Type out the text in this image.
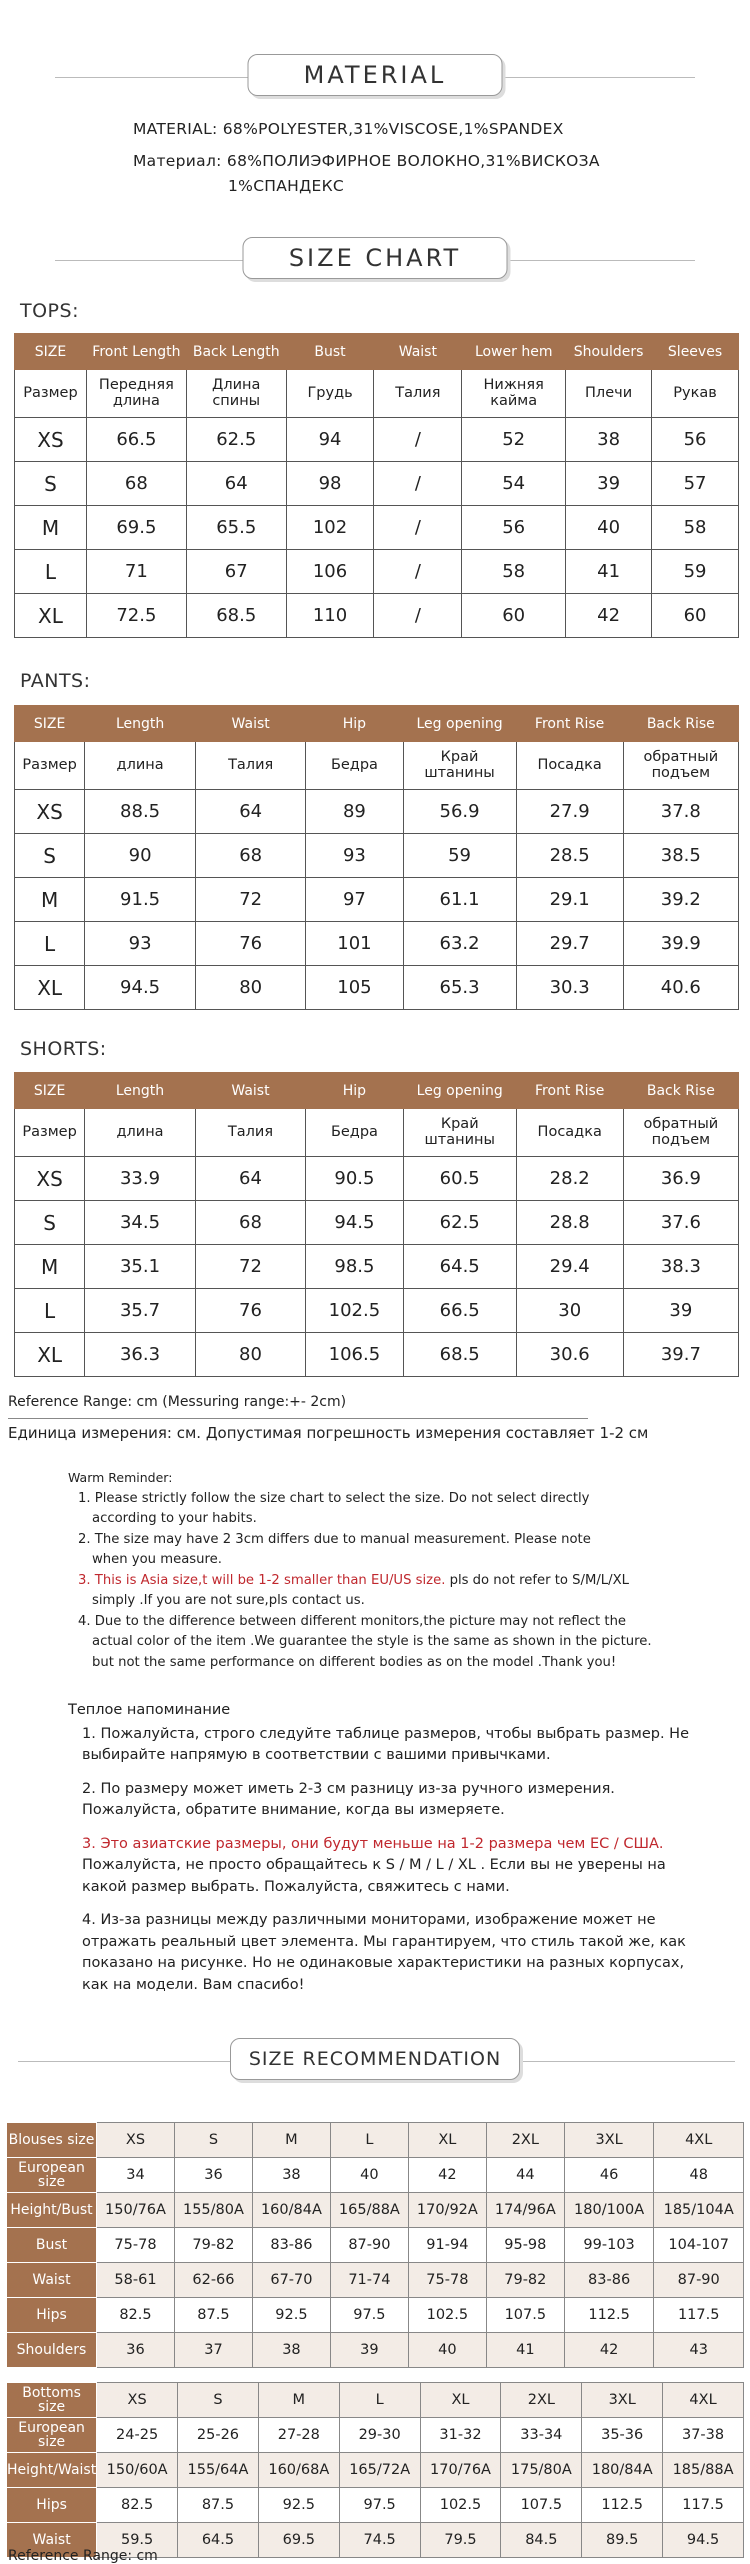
MATERIAL
MATERIAL: 68%POLYESTER,31%VISCOSE,1%SPANDEX
Материал: 68%ПОЛИЭФИРНОЕ ВОЛОКНО,31%ВИСКОЗА
1%СПАНДЕКС
SIZE CHART
TOPS:
SIZE	Front Length	Back Length	Bust	Waist	Lower hem	Shoulders	Sleeves
Размер	Передняя длина	Длина спины	Грудь	Талия	Нижняя кайма	Плечи	Рукав
XS	66.5	62.5	94	/	52	38	56
S	68	64	98	/	54	39	57
M	69.5	65.5	102	/	56	40	58
L	71	67	106	/	58	41	59
XL	72.5	68.5	110	/	60	42	60
PANTS:
SIZE	Length	Waist	Hip	Leg opening	Front Rise	Back Rise
Размер	длина	Талия	Бедра	Край штанины	Посадка	обратный подъем
XS	88.5	64	89	56.9	27.9	37.8
S	90	68	93	59	28.5	38.5
M	91.5	72	97	61.1	29.1	39.2
L	93	76	101	63.2	29.7	39.9
XL	94.5	80	105	65.3	30.3	40.6
SHORTS:
SIZE	Length	Waist	Hip	Leg opening	Front Rise	Back Rise
Размер	длина	Талия	Бедра	Край штанины	Посадка	обратный подъем
XS	33.9	64	90.5	60.5	28.2	36.9
S	34.5	68	94.5	62.5	28.8	37.6
M	35.1	72	98.5	64.5	29.4	38.3
L	35.7	76	102.5	66.5	30	39
XL	36.3	80	106.5	68.5	30.6	39.7
Reference Range: cm (Messuring range:+- 2cm)
Единица измерения: см. Допустимая погрешность измерения составляет 1-2 см
Warm Reminder:
1. Please strictly follow the size chart to select the size. Do not select directly
according to your habits.
2. The size may have 2 3cm differs due to manual measurement. Please note
when you measure.
3. This is Asia size,t will be 1-2 smaller than EU/US size. pls do not refer to S/M/L/XL
simply .If you are not sure,pls contact us.
4. Due to the difference between different monitors,the picture may not reflect the
actual color of the item .We guarantee the style is the same as shown in the picture.
but not the same performance on different bodies as on the model .Thank you!
Теплое напоминание

1. Пожалуйста, строго следуйте таблице размеров, чтобы выбрать размер. Не выбирайте напрямую в соответствии с вашими привычками.

2. По размеру может иметь 2-3 см разницу из-за ручного измерения. Пожалуйста, обратите внимание, когда вы измеряете.

3. Это азиатские размеры, они будут меньше на 1-2 размера чем ЕС / США.
Пожалуйста, не просто обращайтесь к S / M / L / XL . Если вы не уверены на какой размер выбрать. Пожалуйста, свяжитесь с нами.

4. Из-за разницы между различными мониторами, изображение может не отражать реальный цвет элемента. Мы гарантируем, что стиль такой же, как показано на рисунке. Но не одинаковые характеристики на разных корпусах, как на модели. Вам спасибо!

SIZE RECOMMENDATION
Blouses size	XS	S	M	L	XL	2XL	3XL	4XL
European size	34	36	38	40	42	44	46	48
Height/Bust	150/76A	155/80A	160/84A	165/88A	170/92A	174/96A	180/100A	185/104A
Bust	75-78	79-82	83-86	87-90	91-94	95-98	99-103	104-107
Waist	58-61	62-66	67-70	71-74	75-78	79-82	83-86	87-90
Hips	82.5	87.5	92.5	97.5	102.5	107.5	112.5	117.5
Shoulders	36	37	38	39	40	41	42	43
Bottoms size	XS	S	M	L	XL	2XL	3XL	4XL
European size	24-25	25-26	27-28	29-30	31-32	33-34	35-36	37-38
Height/Waist	150/60A	155/64A	160/68A	165/72A	170/76A	175/80A	180/84A	185/88A
Hips	82.5	87.5	92.5	97.5	102.5	107.5	112.5	117.5
Waist	59.5	64.5	69.5	74.5	79.5	84.5	89.5	94.5
Reference Range: cm
